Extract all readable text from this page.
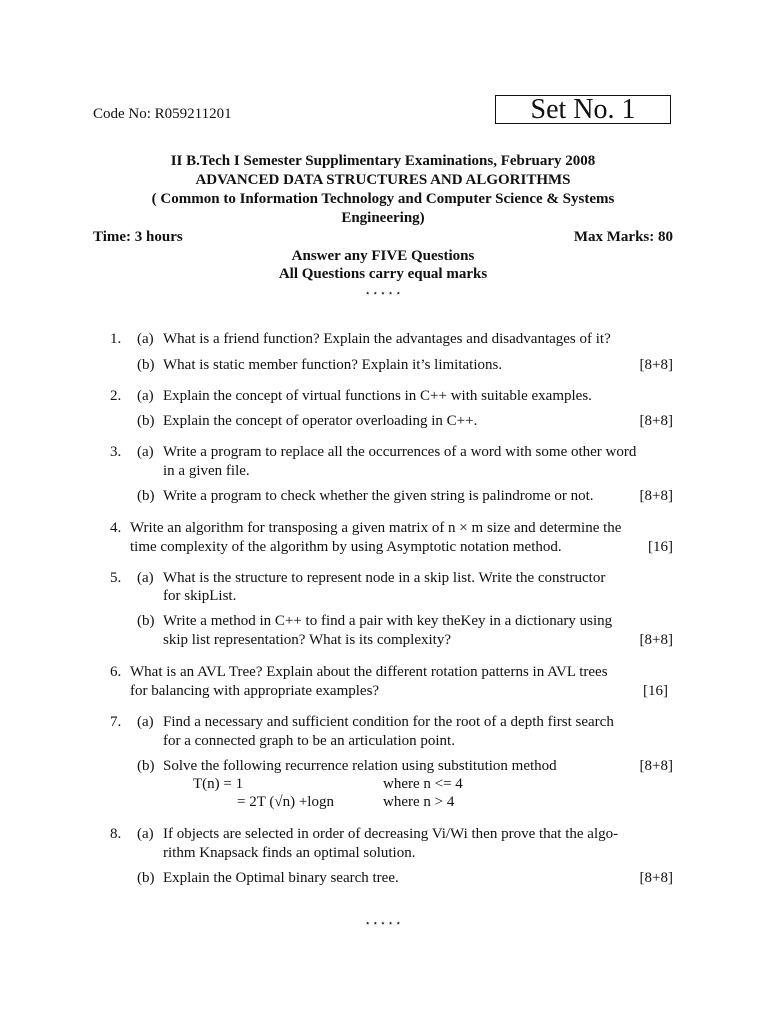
Code No: R059211201	Set No. 1
II B.Tech I Semester Supplimentary Examinations, February 2008
ADVANCED DATA STRUCTURES AND ALGORITHMS
( Common to Information Technology and Computer Science & Systems
Engineering)
Time: 3 hours	Max Marks: 80
Answer any FIVE Questions
All Questions carry equal marks
⋆⋆⋆⋆⋆
1. (a) What is a friend function? Explain the advantages and disadvantages of it?
(b) What is static member function? Explain it’s limitations.	[8+8]
2. (a) Explain the concept of virtual functions in C++ with suitable examples.
(b) Explain the concept of operator overloading in C++.	[8+8]
3. (a) Write a program to replace all the occurrences of a word with some other word
in a given file.
(b) Write a program to check whether the given string is palindrome or not.	[8+8]
4. Write an algorithm for transposing a given matrix of n × m size and determine the
time complexity of the algorithm by using Asymptotic notation method.	[16]
5. (a) What is the structure to represent node in a skip list. Write the constructor
for skipList.
(b) Write a method in C++ to find a pair with key theKey in a dictionary using
skip list representation? What is its complexity?	[8+8]
6. What is an AVL Tree? Explain about the different rotation patterns in AVL trees
for balancing with appropriate examples?	[16]
7. (a) Find a necessary and sufficient condition for the root of a depth first search
for a connected graph to be an articulation point.
(b) Solve the following recurrence relation using substitution method	[8+8]
T(n) = 1	where n <= 4
= 2T (√n) +logn	where n > 4
8. (a) If objects are selected in order of decreasing Vi/Wi then prove that the algo-
rithm Knapsack finds an optimal solution.
(b) Explain the Optimal binary search tree.	[8+8]
⋆⋆⋆⋆⋆
